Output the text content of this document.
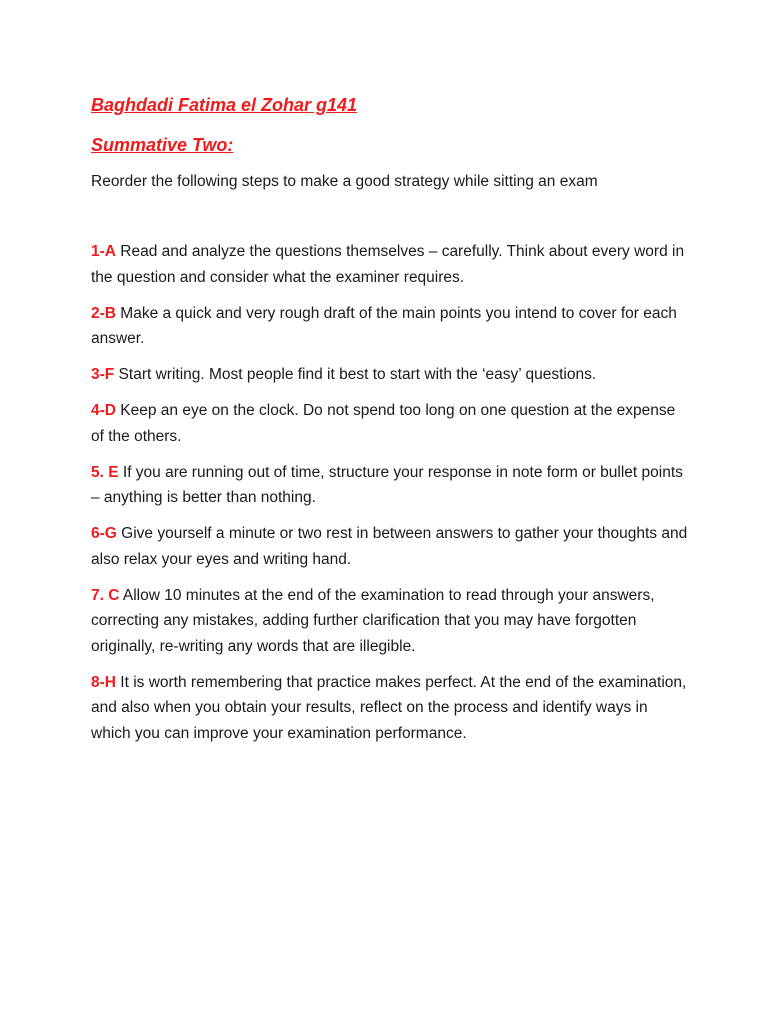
Baghdadi Fatima el Zohar g141

Summative Two:

Reorder the following steps to make a good strategy while sitting an exam

1-A Read and analyze the questions themselves – carefully. Think about every word in the question and consider what the examiner requires.
2-B Make a quick and very rough draft of the main points you intend to cover for each answer.
3-F Start writing. Most people find it best to start with the ‘easy’ questions.
4-D Keep an eye on the clock. Do not spend too long on one question at the expense of the others.
5. E If you are running out of time, structure your response in note form or bullet points – anything is better than nothing.
6-G Give yourself a minute or two rest in between answers to gather your thoughts and also relax your eyes and writing hand.
7. C Allow 10 minutes at the end of the examination to read through your answers, correcting any mistakes, adding further clarification that you may have forgotten originally, re-writing any words that are illegible.
8-H It is worth remembering that practice makes perfect. At the end of the examination, and also when you obtain your results, reflect on the process and identify ways in which you can improve your examination performance.
